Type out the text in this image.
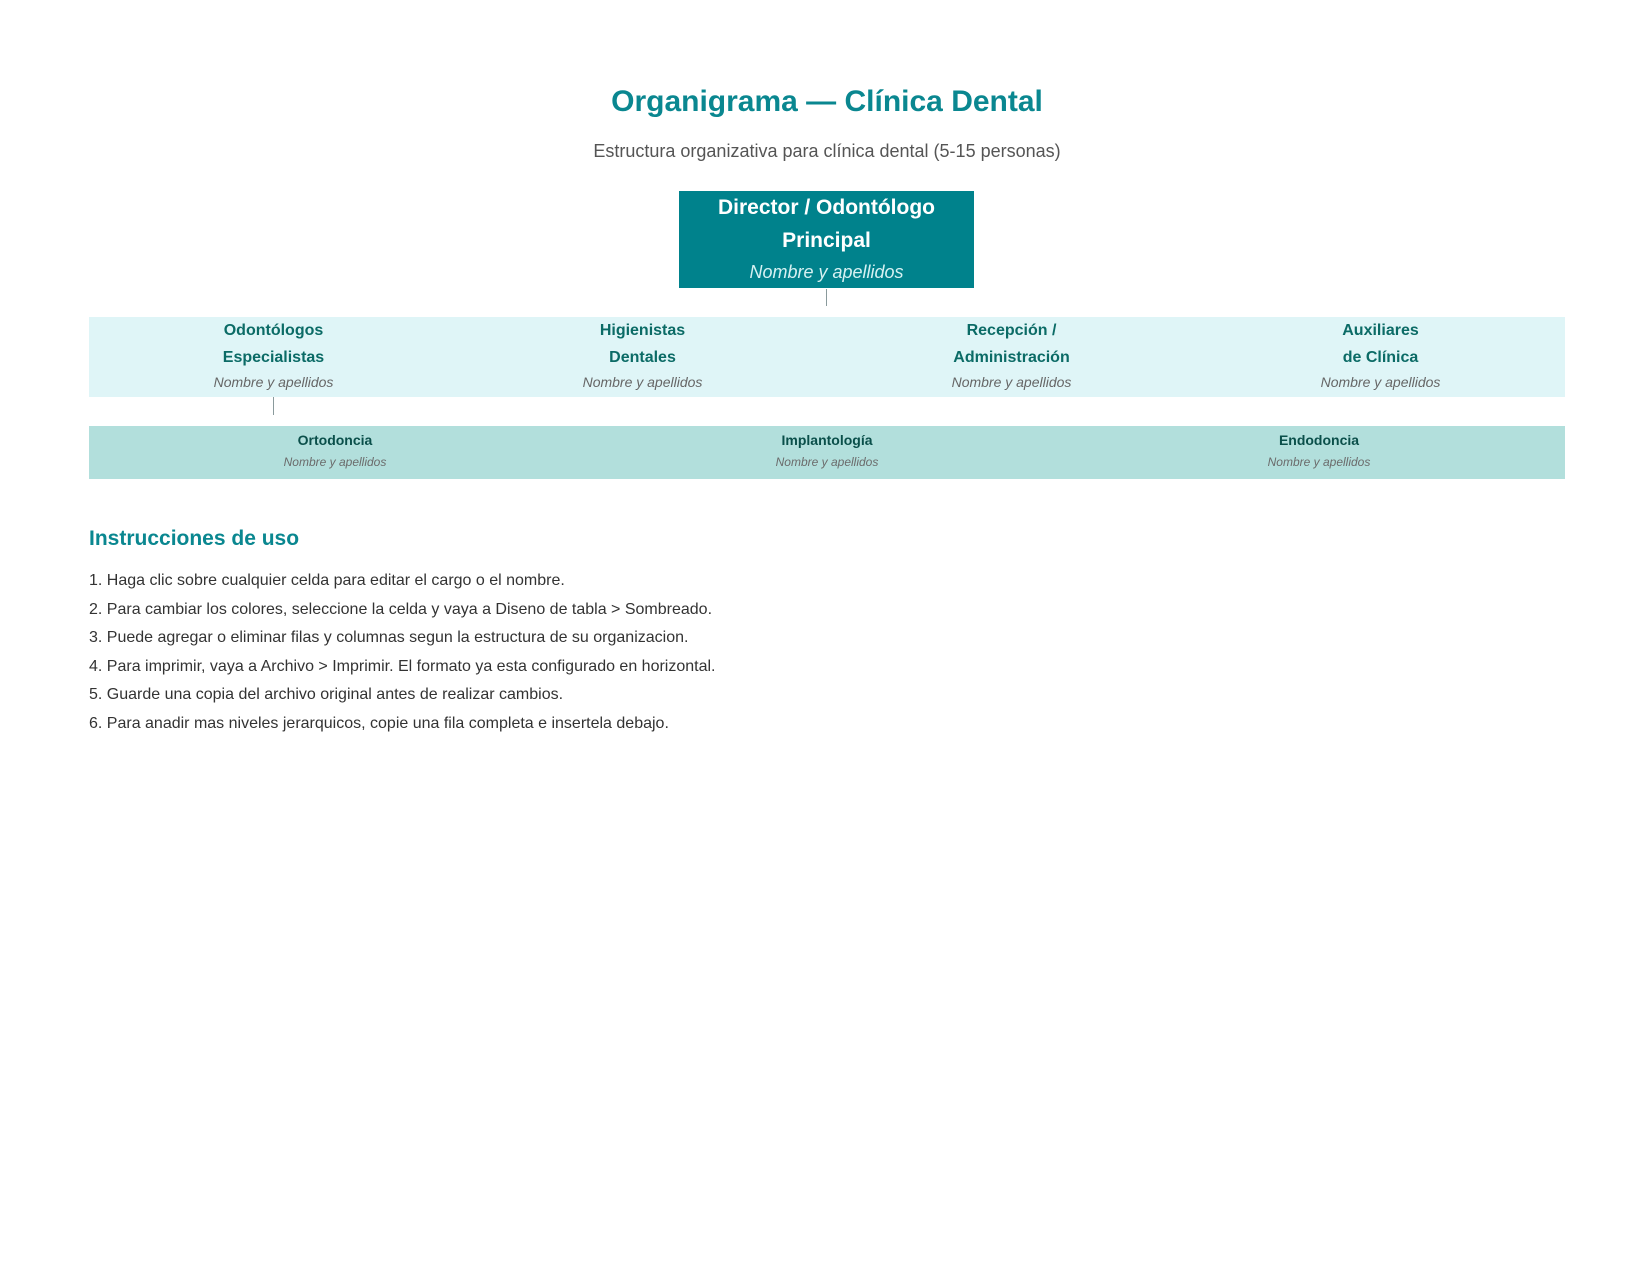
Organigrama — Clínica Dental
Estructura organizativa para clínica dental (5-15 personas)
Director / Odontólogo
Principal
Nombre y apellidos
Odontólogos
Especialistas
Nombre y apellidos
Higienistas
Dentales
Nombre y apellidos
Recepción /
Administración
Nombre y apellidos
Auxiliares
de Clínica
Nombre y apellidos
Ortodoncia
Nombre y apellidos
Implantología
Nombre y apellidos
Endodoncia
Nombre y apellidos
Instrucciones de uso
1. Haga clic sobre cualquier celda para editar el cargo o el nombre.
2. Para cambiar los colores, seleccione la celda y vaya a Diseno de tabla > Sombreado.
3. Puede agregar o eliminar filas y columnas segun la estructura de su organizacion.
4. Para imprimir, vaya a Archivo > Imprimir. El formato ya esta configurado en horizontal.
5. Guarde una copia del archivo original antes de realizar cambios.
6. Para anadir mas niveles jerarquicos, copie una fila completa e insertela debajo.
